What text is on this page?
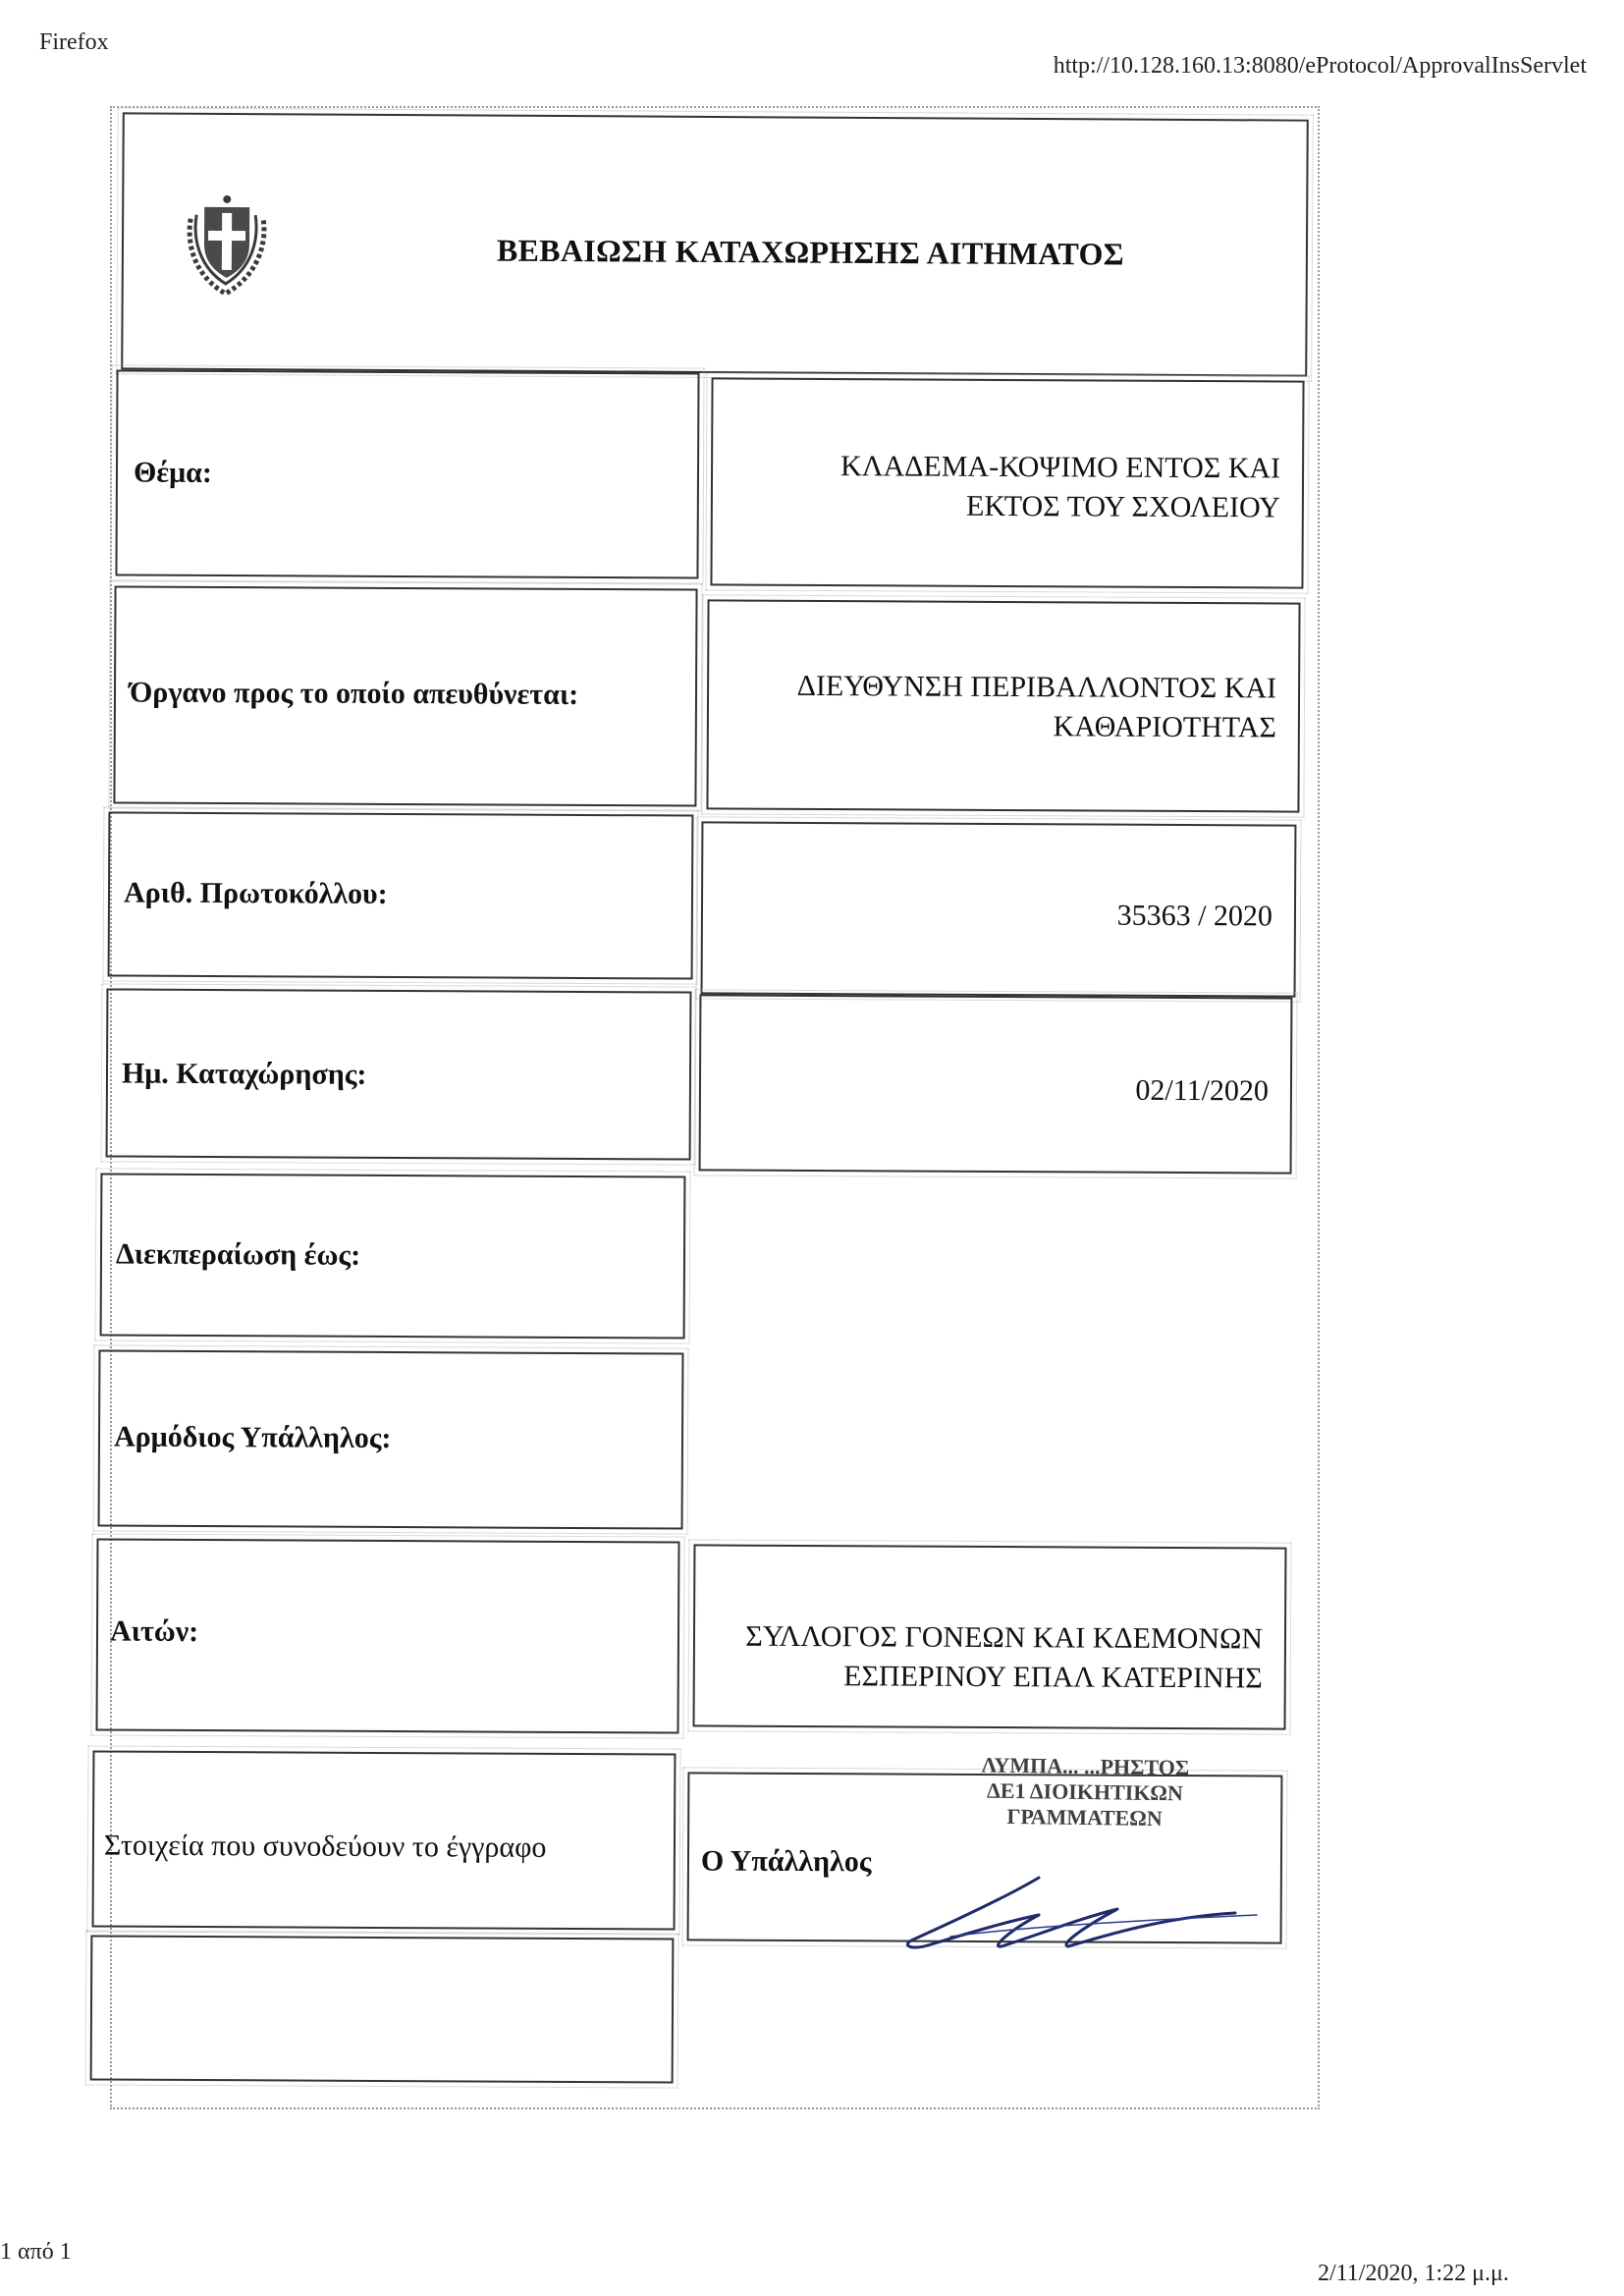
Firefox
http://10.128.160.13:8080/eProtocol/ApprovalInsServlet
1 από 1
2/11/2020, 1:22 μ.μ.
ΒΕΒΑΙΩΣΗ ΚΑΤΑΧΩΡΗΣΗΣ ΑΙΤΗΜΑΤΟΣ
Θέμα:	ΚΛΑΔΕΜΑ-ΚΟΨΙΜΟ ΕΝΤΟΣ ΚΑΙ
ΕΚΤΟΣ ΤΟΥ ΣΧΟΛΕΙΟΥ
Όργανο προς το οποίο απευθύνεται:	ΔΙΕΥΘΥΝΣΗ ΠΕΡΙΒΑΛΛΟΝΤΟΣ ΚΑΙ
ΚΑΘΑΡΙΟΤΗΤΑΣ
Αριθ. Πρωτοκόλλου:
35363 / 2020
Ημ. Καταχώρησης:	02/11/2020
Διεκπεραίωση έως:
Αρμόδιος Υπάλληλος:
Αιτών:	ΣΥΛΛΟΓΟΣ ΓΟΝΕΩΝ ΚΑΙ ΚΔΕΜΟΝΩΝ
ΕΣΠΕΡΙΝΟΥ ΕΠΑΛ ΚΑΤΕΡΙΝΗΣ
Στοιχεία που συνοδεύουν το έγγραφο	Ο Υπάλληλος
ΛΥΜΠΑ... ...ΡΗΣΤΟΣ
ΔΕ1 ΔΙΟΙΚΗΤΙΚΩΝ
ΓΡΑΜΜΑΤΕΩΝ
